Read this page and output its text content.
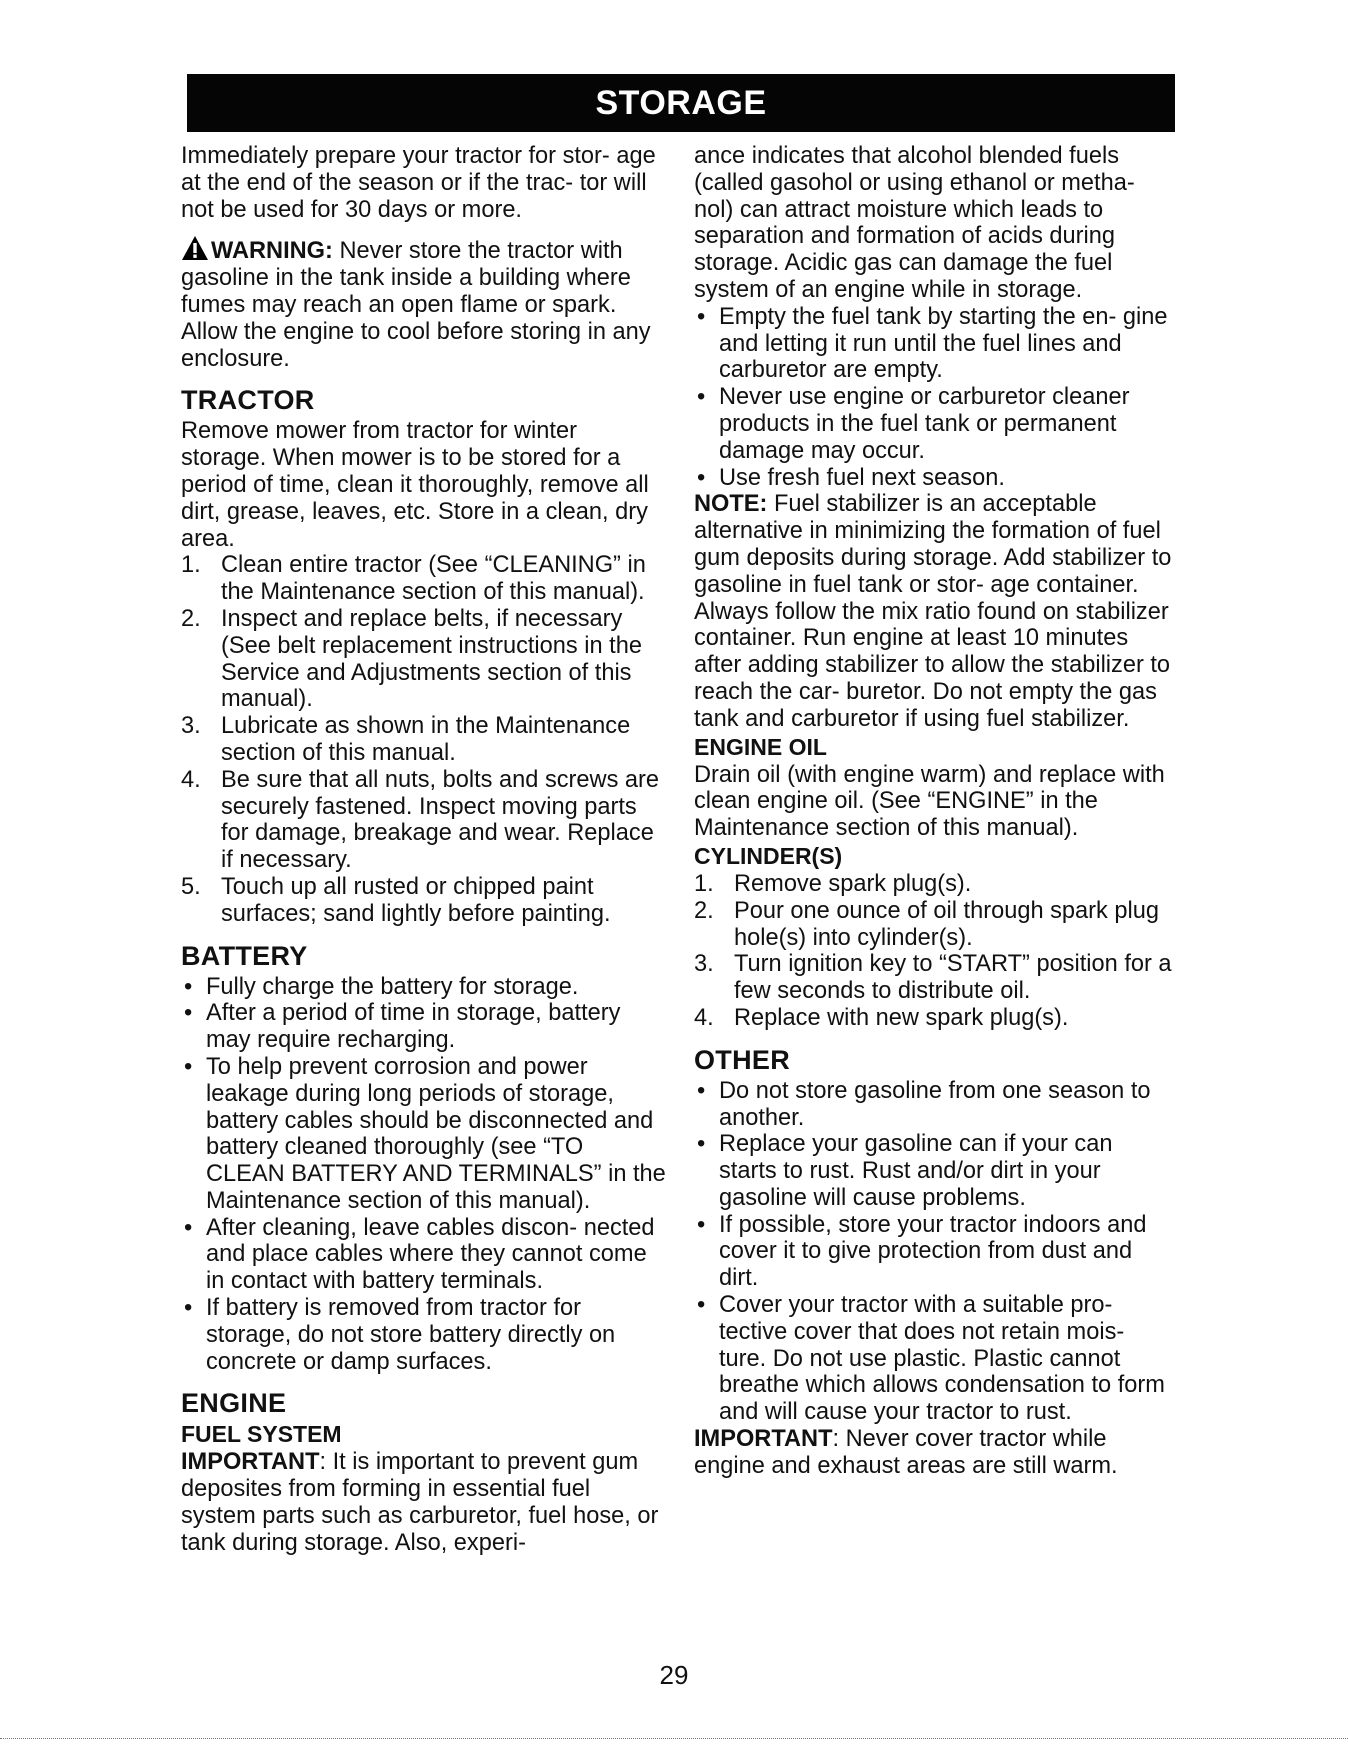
STORAGE

Immediately prepare your tractor for stor- age at the end of the season or if the trac- tor will not be used for 30 days or more.

WARNING: Never store the tractor with gasoline in the tank inside a building where fumes may reach an open flame or spark. Allow the engine to cool before storing in any enclosure.

TRACTOR

Remove mower from tractor for winter storage. When mower is to be stored for a period of time, clean it thoroughly, remove all dirt, grease, leaves, etc. Store in a clean, dry area.

1. Clean entire tractor (See “CLEANING” in the Maintenance section of this manual).
2. Inspect and replace belts, if necessary (See belt replacement instructions in the Service and Adjustments section of this manual).
3. Lubricate as shown in the Maintenance section of this manual.
4. Be sure that all nuts, bolts and screws are securely fastened. Inspect moving parts for damage, breakage and wear. Replace if necessary.
5. Touch up all rusted or chipped paint surfaces; sand lightly before painting.
BATTERY
• Fully charge the battery for storage.
• After a period of time in storage, battery may require recharging.
• To help prevent corrosion and power leakage during long periods of storage, battery cables should be disconnected and battery cleaned thoroughly (see “TO CLEAN BATTERY AND TERMINALS” in the Maintenance section of this manual).
• After cleaning, leave cables discon- nected and place cables where they cannot come in contact with battery terminals.
• If battery is removed from tractor for storage, do not store battery directly on concrete or damp surfaces.
ENGINE
FUEL SYSTEM

IMPORTANT: It is important to prevent gum deposites from forming in essential fuel system parts such as carburetor, fuel hose, or tank during storage. Also, experi-

ance indicates that alcohol blended fuels (called gasohol or using ethanol or metha- nol) can attract moisture which leads to separation and formation of acids during storage. Acidic gas can damage the fuel system of an engine while in storage.

• Empty the fuel tank by starting the en- gine and letting it run until the fuel lines and carburetor are empty.
• Never use engine or carburetor cleaner products in the fuel tank or permanent damage may occur.
• Use fresh fuel next season.

NOTE: Fuel stabilizer is an acceptable alternative in minimizing the formation of fuel gum deposits during storage. Add stabilizer to gasoline in fuel tank or stor- age container. Always follow the mix ratio found on stabilizer container. Run engine at least 10 minutes after adding stabilizer to allow the stabilizer to reach the car- buretor. Do not empty the gas tank and carburetor if using fuel stabilizer.

ENGINE OIL

Drain oil (with engine warm) and replace with clean engine oil. (See “ENGINE” in the Maintenance section of this manual).

CYLINDER(S)
1. Remove spark plug(s).
2. Pour one ounce of oil through spark plug hole(s) into cylinder(s).
3. Turn ignition key to “START” position for a few seconds to distribute oil.
4. Replace with new spark plug(s).
OTHER
• Do not store gasoline from one season to another.
• Replace your gasoline can if your can starts to rust. Rust and/or dirt in your gasoline will cause problems.
• If possible, store your tractor indoors and cover it to give protection from dust and dirt.
• Cover your tractor with a suitable pro- tective cover that does not retain mois- ture. Do not use plastic. Plastic cannot breathe which allows condensation to form and will cause your tractor to rust.

IMPORTANT: Never cover tractor while engine and exhaust areas are still warm.

29
